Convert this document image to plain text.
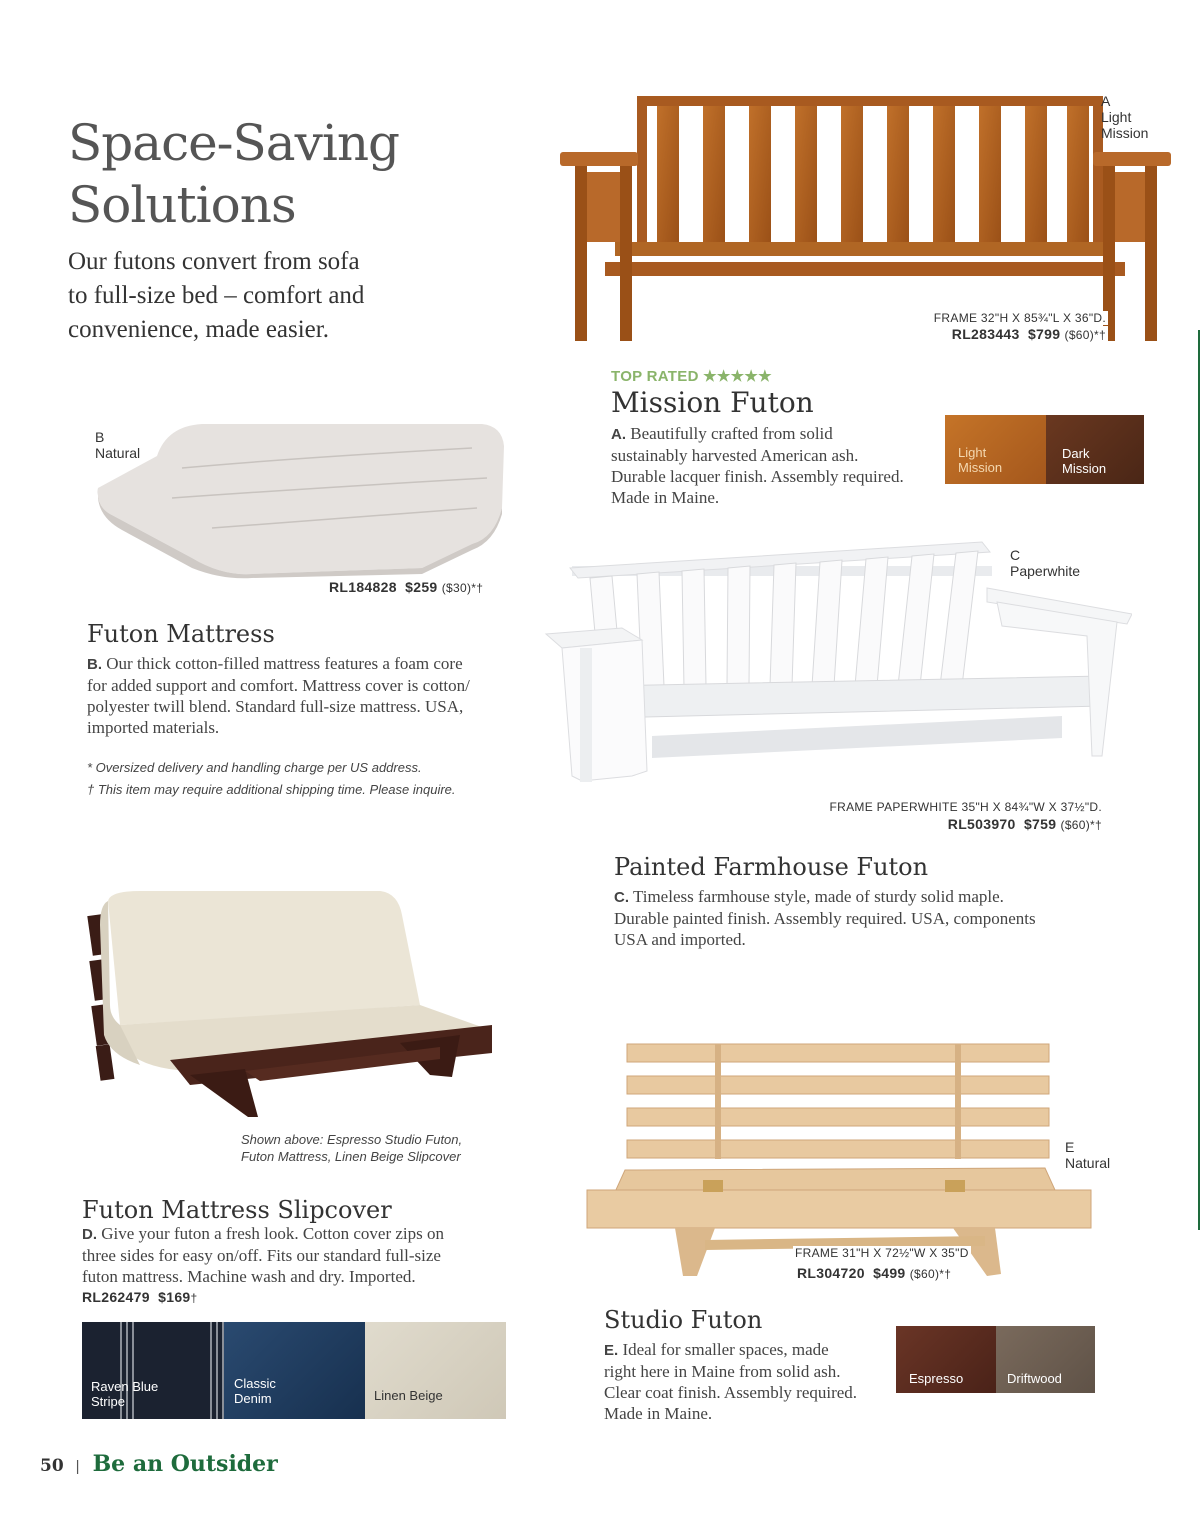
Space-Saving
Solutions
Our futons convert from sofa
to full-size bed – comfort and
convenience, made easier.
A
Light
Mission
FRAME 32"H X 85¾"L X 36"D.
RL283443 $799 ($60)*†
TOP RATED ★★★★★
Mission Futon
A. Beautifully crafted from solid
sustainably harvested American ash.
Durable lacquer finish. Assembly required.
Made in Maine.
Light
Mission
Dark
Mission
B
Natural
RL184828 $259 ($30)*†
Futon Mattress
B. Our thick cotton-filled mattress features a foam core
for added support and comfort. Mattress cover is cotton/
polyester twill blend. Standard full-size mattress. USA,
imported materials.
* Oversized delivery and handling charge per US address.
† This item may require additional shipping time. Please inquire.
C
Paperwhite
FRAME PAPERWHITE 35"H X 84¾"W X 37½"D.
RL503970 $759 ($60)*†
Painted Farmhouse Futon
C. Timeless farmhouse style, made of sturdy solid maple.
Durable painted finish. Assembly required. USA, components
USA and imported.
Shown above: Espresso Studio Futon,
Futon Mattress, Linen Beige Slipcover
Futon Mattress Slipcover
D. Give your futon a fresh look. Cotton cover zips on
three sides for easy on/off. Fits our standard full-size
futon mattress. Machine wash and dry. Imported.
RL262479 $169†
Raven Blue
Stripe
Classic
Denim	Linen Beige
E
Natural
FRAME 31"H X 72½"W X 35"D
RL304720 $499 ($60)*†
Studio Futon
E. Ideal for smaller spaces, made
right here in Maine from solid ash.
Clear coat finish. Assembly required.
Made in Maine.
Espresso	Driftwood
50 | Be an Outsider
